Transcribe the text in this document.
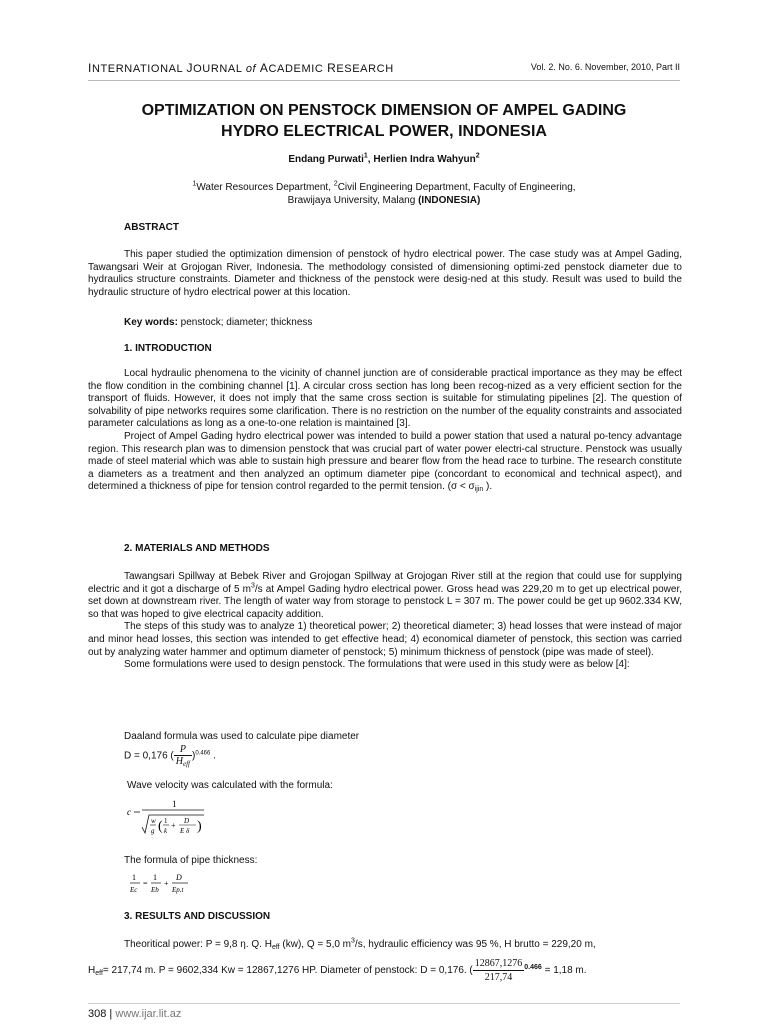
INTERNATIONAL JOURNAL of ACADEMIC RESEARCH	Vol. 2. No. 6. November, 2010, Part II
OPTIMIZATION ON PENSTOCK DIMENSION OF AMPEL GADING
HYDRO ELECTRICAL POWER, INDONESIA
Endang Purwati$^1$, Herlien Indra Wahyun$^2$
$^1$Water Resources Department, $^2$Civil Engineering Department, Faculty of Engineering,
Brawijaya University, Malang (INDONESIA)
ABSTRACT
This paper studied the optimization dimension of penstock of hydro electrical power. The case study was at Ampel Gading, Tawangsari Weir at Grojogan River, Indonesia. The methodology consisted of dimensioning optimi-zed penstock diameter due to hydraulics structure constraints. Diameter and thickness of the penstock were desig-ned at this study. Result was used to build the hydraulic structure of hydro electrical power at this location.
Key words: penstock; diameter; thickness
1. INTRODUCTION
Local hydraulic phenomena to the vicinity of channel junction are of considerable practical importance as they may be effect the flow condition in the combining channel [1]. A circular cross section has long been recog-nized as a very efficient section for the transport of fluids. However, it does not imply that the same cross section is suitable for stimulating pipelines [2]. The question of solvability of pipe networks requires some clarification. There is no restriction on the number of the equality constraints and associated parameter calculations as long as a one-to-one relation is maintained [3].
Project of Ampel Gading hydro electrical power was intended to build a power station that used a natural po-tency advantage region. This research plan was to dimension penstock that was crucial part of water power electri-cal structure. Penstock was usually made of steel material which was able to sustain high pressure and bearer flow from the head race to turbine. The research constitute a diameters as a treatment and then analyzed an optimum diameter pipe (concordant to economical and technical aspect), and determined a thickness of pipe for tension control regarded to the permit tension. ($\sigma < \sigma_{ijin}$ ).
2. MATERIALS AND METHODS
Tawangsari Spillway at Bebek River and Grojogan Spillway at Grojogan River still at the region that could use for supplying electric and it got a discharge of 5 $m^3/s$ at Ampel Gading hydro electrical power. Gross head was 229,20 m to get up electrical power, set down at downstream river. The length of water way from storage to penstock L = 307 m. The power could be get up 9602.334 KW, so that was hoped to give electrical capacity addition.
The steps of this study was to analyze 1) theoretical power; 2) theoretical diameter; 3) head losses that were instead of major and minor head losses, this section was intended to get effective head; 4) economical diameter of penstock, this section was carried out by analyzing water hammer and optimum diameter of penstock; 5) minimum thickness of penstock (pipe was made of steel).
Some formulations were used to design penstock. The formulations that were used in this study were as below [4]:
Daaland formula was used to calculate pipe diameter
D = 0,176 ( $\frac{P}{H_{eff}} )^{0.466}$ .
Wave velocity was calculated with the formula:
c
1
w
g ( 1
k
+ D
E δ )
The formula of pipe thickness:
1
Ec
=
1
Eb
+
D
Ep.t
3. RESULTS AND DISCUSSION
Theoritical power: P = 9,8 η. Q. $H_{eff}$ (kw), Q = 5,0 $m^3/s$, hydraulic efficiency was 95 %, H brutto = 229,20 m,
$H_{eff}= 217,74$ m. P = 9602,334 Kw = 12867,1276 HP. Diameter of penstock: D = 0,176. ( $\frac{12867,1276}{217,74} ^{0.466} = 1,18$ m.
308 | www.ijar.lit.az
